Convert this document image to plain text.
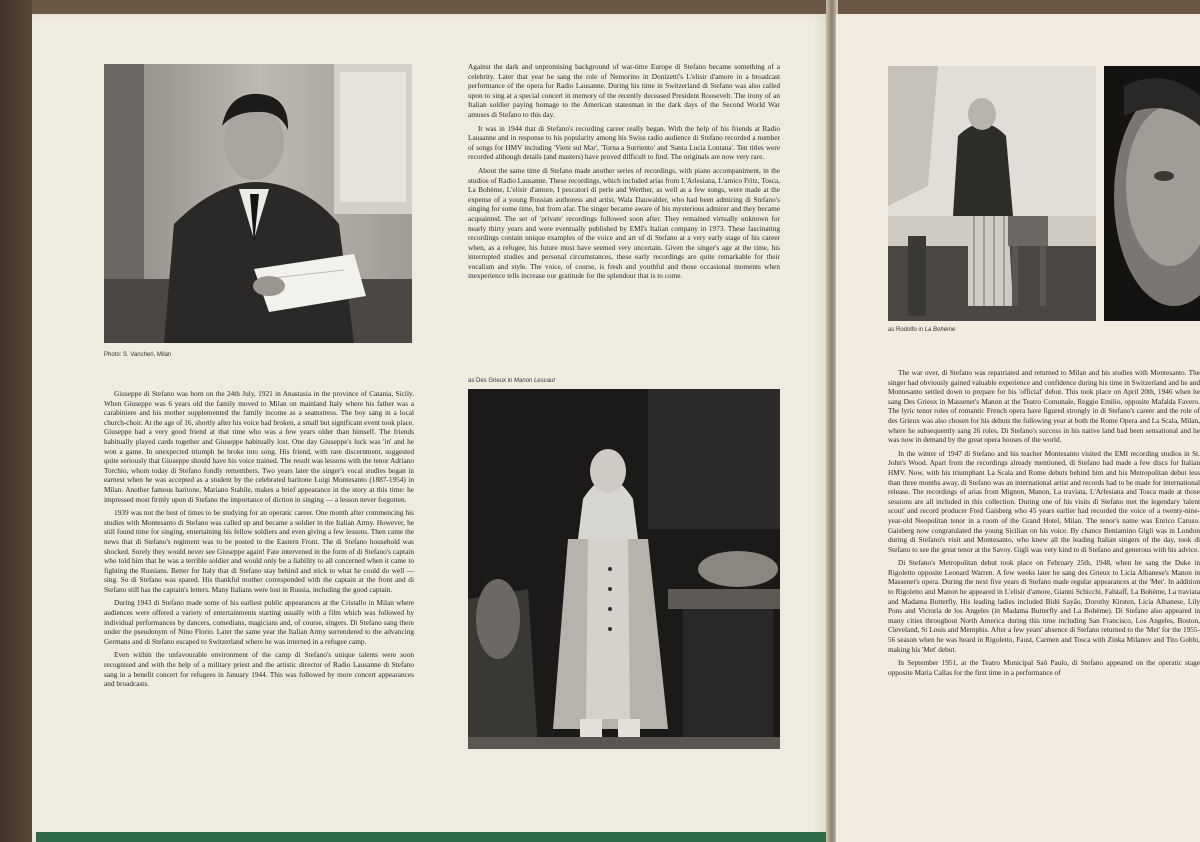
Photo: S. Vancheri, Milan
as Des Grieux in Manon Lescaut
as Rodolfo in La Bohème

Giuseppe di Stefano was born on the 24th July, 1921 in Anastasia in the province of Catania, Sicily. When Giuseppe was 6 years old the family moved to Milan on mainland Italy where his father was a carabiniere and his mother supplemented the family income as a seamstress. The boy sang in a local church-choir. At the age of 16, shortly after his voice had broken, a small but significant event took place. Giuseppe had a very good friend at that time who was a few years older than himself. The friends habitually played cards together and Giuseppe habitually lost. One day Giuseppe's luck was 'in' and he won a game. In unexpected triumph he broke into song. His friend, with rare discernment, suggested quite seriously that Giuseppe should have his voice trained. The result was lessons with the tenor Adriano Torchio, whom today di Stefano fondly remembers. Two years later the singer's vocal studies began in earnest when he was accepted as a student by the celebrated baritone Luigi Montesanto (1887-1954) in Milan. Another famous baritone, Mariano Stabile, makes a brief appearance in the story at this time: he impressed most firmly upon di Stefano the importance of diction in singing — a lesson never forgotten.

1939 was not the best of times to be studying for an operatic career. One month after commencing his studies with Montesanto di Stefano was called up and became a soldier in the Italian Army. However, he still found time for singing, entertaining his fellow soldiers and even giving a few lessons. Then came the news that di Stefano's regiment was to be posted to the Eastern Front. The di Stefano household was shocked. Surely they would never see Giuseppe again! Fate intervened in the form of di Stefano's captain who told him that he was a terrible soldier and would only be a liability to all concerned when it came to fighting the Russians. Better for Italy that di Stefano stay behind and stick to what he could do well — sing. So di Stefano was spared. His thankful mother corresponded with the captain at the front and di Stefano still has the captain's letters. Many Italians were lost in Russia, including the good captain.

During 1943 di Stefano made some of his earliest public appearances at the Cristallo in Milan where audiences were offered a variety of entertainments starting usually with a film which was followed by individual performances by dancers, comedians, magicians and, of course, singers. Di Stefano sang there under the pseudonym of Nino Florio. Later the same year the Italian Army surrendered to the advancing Germans and di Stefano escaped to Switzerland where he was interned in a refugee camp.

Even within the unfavourable environment of the camp di Stefano's unique talents were soon recognised and with the help of a military priest and the artistic director of Radio Lausanne di Stefano sang in a benefit concert for refugees in January 1944. This was followed by more concert appearances and broadcasts.

Against the dark and unpromising background of war-time Europe di Stefano became something of a celebrity. Later that year he sang the role of Nemorino in Donizetti's L'elisir d'amore in a broadcast performance of the opera for Radio Lausanne. During his time in Switzerland di Stefano was also called upon to sing at a special concert in memory of the recently deceased President Roosevelt. The irony of an Italian soldier paying homage to the American statesman in the dark days of the Second World War amuses di Stefano to this day.

It was in 1944 that di Stefano's recording career really began. With the help of his friends at Radio Lausanne and in response to his popularity among his Swiss radio audience di Stefano recorded a number of songs for HMV including 'Vieni sul Mar', 'Torna a Surriento' and 'Santa Lucia Lontana'. Ten titles were recorded although details (and masters) have proved difficult to find. The originals are now very rare.

About the same time di Stefano made another series of recordings, with piano accompaniment, in the studios of Radio Lausanne. These recordings, which included arias from L'Arlesiana, L'amico Fritz, Tosca, La Bohème, L'elisir d'amore, I pescatori di perle and Werther, as well as a few songs, were made at the expense of a young Russian authoress and artist, Wala Dauwalder, who had been admiring di Stefano's singing for some time, but from afar. The singer became aware of his mysterious admirer and they became acquainted. The set of 'private' recordings followed soon after. They remained virtually unknown for nearly thirty years and were eventually published by EMI's Italian company in 1973. These fascinating recordings contain unique examples of the voice and art of di Stefano at a very early stage of his career when, as a refugee, his future must have seemed very uncertain. Given the singer's age at the time, his interrupted studies and personal circumstances, these early recordings are quite remarkable for their vocalism and style. The voice, of course, is fresh and youthful and those occasional moments when inexperience tells increase our gratitude for the splendour that is to come.

The war over, di Stefano was repatriated and returned to Milan and his studies with Montesanto. The singer had obviously gained valuable experience and confidence during his time in Switzerland and he and Montesanto settled down to prepare for his 'official' debut. This took place on April 20th, 1946 when he sang Des Grieux in Massenet's Manon at the Teatro Comunale, Reggio Emilio, opposite Mafalda Favero. The lyric tenor roles of romantic French opera have figured strongly in di Stefano's career and the role of des Grieux was also chosen for his debuts the following year at both the Rome Opera and La Scala, Milan, where he subsequently sang 26 roles. Di Stefano's success in his native land had been sensational and he was now in demand by the great opera houses of the world.

In the winter of 1947 di Stefano and his teacher Montesanto visited the EMI recording studios in St. John's Wood. Apart from the recordings already mentioned, di Stefano had made a few discs for Italian HMV. Now, with his triumphant La Scala and Rome debuts behind him and his Metropolitan debut less than three months away, di Stefano was an international artist and records had to be made for international release. The recordings of arias from Mignon, Manon, La traviata, L'Arlesiana and Tosca made at those sessions are all included in this collection. During one of his visits di Stefano met the legendary 'talent scout' and record producer Fred Gaisberg who 45 years earlier had recorded the voice of a twenty-nine-year-old Neopolitan tenor in a room of the Grand Hotel, Milan. The tenor's name was Enrico Caruso. Gaisberg now congratulated the young Sicilian on his voice. By chance Beniamino Gigli was in London during di Stefano's visit and Montesanto, who knew all the leading Italian singers of the day, took di Stefano to see the great tenor at the Savoy. Gigli was very kind to di Stefano and generous with his advice.

Di Stefano's Metropolitan debut took place on February 25th, 1948, when he sang the Duke in Rigoletto opposite Leonard Warren. A few weeks later he sang des Grieux to Licia Albanese's Manon in Massenet's opera. During the next five years di Stefano made regular appearances at the 'Met'. In addition to Rigoletto and Manon he appeared in L'elisir d'amore, Gianni Schicchi, Falstaff, La Bohème, La traviata and Madama Butterfly. His leading ladies included Bidú Sayão, Dorothy Kirsten, Licia Albanese, Lily Pons and Victoria de los Angeles (in Madama Butterfly and La Bohème). Di Stefano also appeared in many cities throughout North America during this time including San Francisco, Los Angeles, Boston, Cleveland, St Louis and Memphis. After a few years' absence di Stefano returned to the 'Met' for the 1955-56 season when he was heard in Rigoletto, Faust, Carmen and Tosca with Zinka Milanov and Tito Gobbi, making his 'Met' debut.

In September 1951, at the Teatro Municipal Saõ Paulo, di Stefano appeared on the operatic stage opposite Maria Callas for the first time in a performance of
